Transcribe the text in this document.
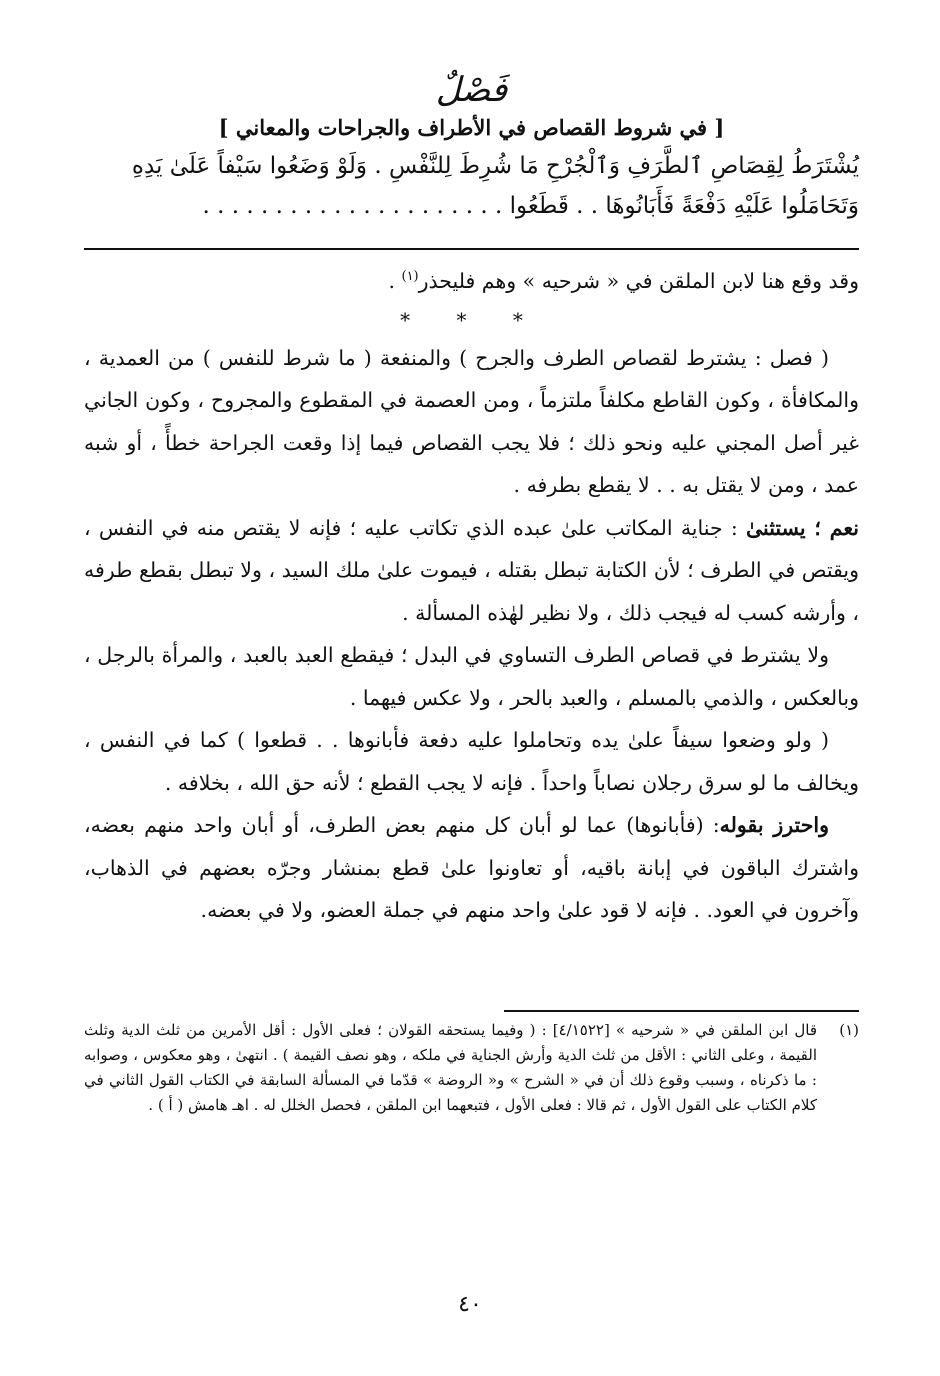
فَصْلٌ
[ في شروط القصاص في الأطراف والجراحات والمعاني ]

يُشْتَرَطُ لِقِصَاصِ ٱلطَّرَفِ وَٱلْجُرْحِ مَا شُرِطَ لِلنَّفْسِ . وَلَوْ وَضَعُوا سَيْفاً عَلَىٰ يَدِهِ

وَتَحَامَلُوا عَلَيْهِ دَفْعَةً فَأَبَانُوهَا . . قَطَعُوا . . . . . . . . . . . . . . . . . . . . .

وقد وقع هنا لابن الملقن في « شرحيه » وهم فليحذر$^{(١)}$ .

* * *

( فصل : يشترط لقصاص الطرف والجرح ) والمنفعة ( ما شرط للنفس ) من العمدية ، والمكافأة ، وكون القاطع مكلفاً ملتزماً ، ومن العصمة في المقطوع والمجروح ، وكون الجاني غير أصل المجني عليه ونحو ذلك ؛ فلا يجب القصاص فيما إذا وقعت الجراحة خطأً ، أو شبه عمد ، ومن لا يقتل به . . لا يقطع بطرفه .

نعم ؛ يستثنىٰ : جناية المكاتب علىٰ عبده الذي تكاتب عليه ؛ فإنه لا يقتص منه في النفس ، ويقتص في الطرف ؛ لأن الكتابة تبطل بقتله ، فيموت علىٰ ملك السيد ، ولا تبطل بقطع طرفه ، وأرشه كسب له فيجب ذلك ، ولا نظير لهٰذه المسألة .

ولا يشترط في قصاص الطرف التساوي في البدل ؛ فيقطع العبد بالعبد ، والمرأة بالرجل ، وبالعكس ، والذمي بالمسلم ، والعبد بالحر ، ولا عكس فيهما .

( ولو وضعوا سيفاً علىٰ يده وتحاملوا عليه دفعة فأبانوها . . قطعوا ) كما في النفس ، ويخالف ما لو سرق رجلان نصاباً واحداً . فإنه لا يجب القطع ؛ لأنه حق الله ، بخلافه .

واحترز بقوله: (فأبانوها) عما لو أبان كل منهم بعض الطرف، أو أبان واحد منهم بعضه، واشترك الباقون في إبانة باقيه، أو تعاونوا علىٰ قطع بمنشار وجرّه بعضهم في الذهاب، وآخرون في العود. . فإنه لا قود علىٰ واحد منهم في جملة العضو، ولا في بعضه.

(١)
قال ابن الملقن في « شرحيه » [٤/١٥٢٢] : ( وفيما يستحقه القولان ؛ فعلى الأول : أقل الأمرين من ثلث الدية وثلث القيمة ، وعلى الثاني : الأقل من ثلث الدية وأرش الجناية في ملكه ، وهو نصف القيمة ) . انتهىٰ ، وهو معكوس ، وصوابه : ما ذكرناه ، وسبب وقوع ذلك أن في « الشرح » و« الروضة » قدّما في المسألة السابقة في الكتاب القول الثاني في كلام الكتاب على القول الأول ، ثم قالا : فعلى الأول ، فتبعهما ابن الملقن ، فحصل الخلل له . اهـ هامش ( أ ) .
٤٠
